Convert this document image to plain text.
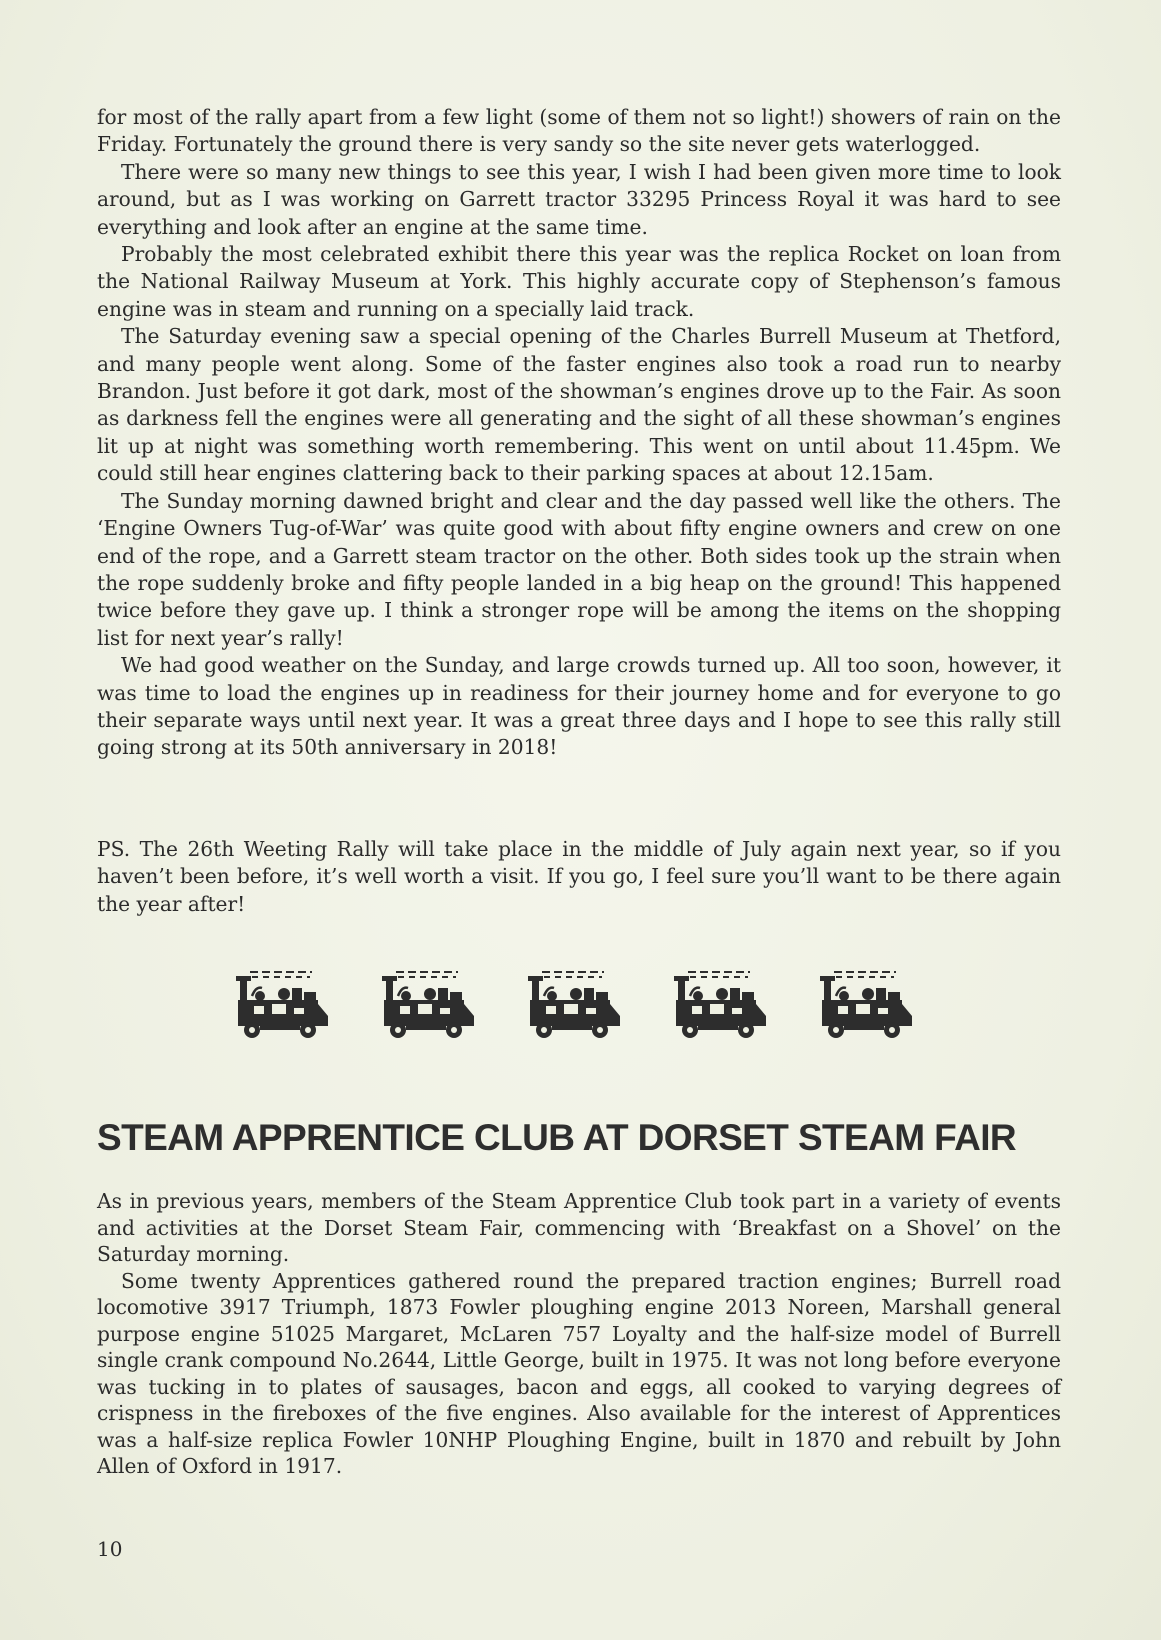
for most of the rally apart from a few light (some of them not so light!) showers of rain on the Friday. Fortunately the ground there is very sandy so the site never gets waterlogged.

There were so many new things to see this year, I wish I had been given more time to look around, but as I was working on Garrett tractor 33295 Princess Royal it was hard to see everything and look after an engine at the same time.

Probably the most celebrated exhibit there this year was the replica Rocket on loan from the National Railway Museum at York. This highly accurate copy of Stephenson’s famous engine was in steam and running on a specially laid track.

The Saturday evening saw a special opening of the Charles Burrell Museum at Thetford, and many people went along. Some of the faster engines also took a road run to nearby Brandon. Just before it got dark, most of the showman’s engines drove up to the Fair. As soon as darkness fell the engines were all generating and the sight of all these showman’s engines lit up at night was something worth remembering. This went on until about 11.45pm. We could still hear engines clattering back to their parking spaces at about 12.15am.

The Sunday morning dawned bright and clear and the day passed well like the others. The ‘Engine Owners Tug-of-War’ was quite good with about fifty engine owners and crew on one end of the rope, and a Garrett steam tractor on the other. Both sides took up the strain when the rope suddenly broke and fifty people landed in a big heap on the ground! This happened twice before they gave up. I think a stronger rope will be among the items on the shopping list for next year’s rally!

We had good weather on the Sunday, and large crowds turned up. All too soon, however, it was time to load the engines up in readiness for their journey home and for everyone to go their separate ways until next year. It was a great three days and I hope to see this rally still going strong at its 50th anniversary in 2018!

PS. The 26th Weeting Rally will take place in the middle of July again next year, so if you haven’t been before, it’s well worth a visit. If you go, I feel sure you’ll want to be there again the year after!

STEAM APPRENTICE CLUB AT DORSET STEAM FAIR

As in previous years, members of the Steam Apprentice Club took part in a variety of events and activities at the Dorset Steam Fair, commencing with ‘Breakfast on a Shovel’ on the Saturday morning.

Some twenty Apprentices gathered round the prepared traction engines; Burrell road locomotive 3917 Triumph, 1873 Fowler ploughing engine 2013 Noreen, Marshall general purpose engine 51025 Margaret, McLaren 757 Loyalty and the half-size model of Burrell single crank compound No.2644, Little George, built in 1975. It was not long before everyone was tucking in to plates of sausages, bacon and eggs, all cooked to varying degrees of crispness in the fireboxes of the five engines. Also available for the interest of Apprentices was a half-size replica Fowler 10NHP Ploughing Engine, built in 1870 and rebuilt by John Allen of Oxford in 1917.

10
